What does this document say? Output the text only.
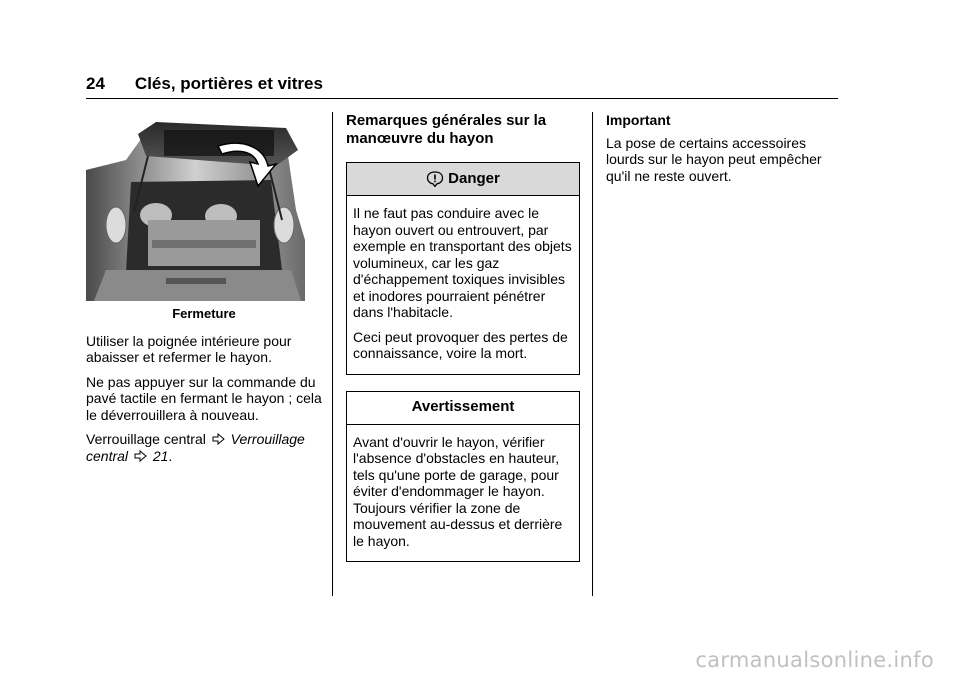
24 Clés, portières et vitres
Fermeture

Utiliser la poignée intérieure pour abaisser et refermer le hayon.

Ne pas appuyer sur la commande du pavé tactile en fermant le hayon ; cela le déverrouillera à nouveau.

Verrouillage central Verrouillage
central 21.

Remarques générales sur la
manœuvre du hayon
Danger

Il ne faut pas conduire avec le hayon ouvert ou entrouvert, par exemple en transportant des objets volumineux, car les gaz d'échappement toxiques invisibles et inodores pourraient pénétrer dans l'habitacle.

Ceci peut provoquer des pertes de connaissance, voire la mort.

Avertissement

Avant d'ouvrir le hayon, vérifier l'absence d'obstacles en hauteur, tels qu'une porte de garage, pour éviter d'endommager le hayon. Toujours vérifier la zone de mouvement au-dessus et derrière le hayon.

Important

La pose de certains accessoires lourds sur le hayon peut empêcher qu'il ne reste ouvert.

carmanualsonline.info
